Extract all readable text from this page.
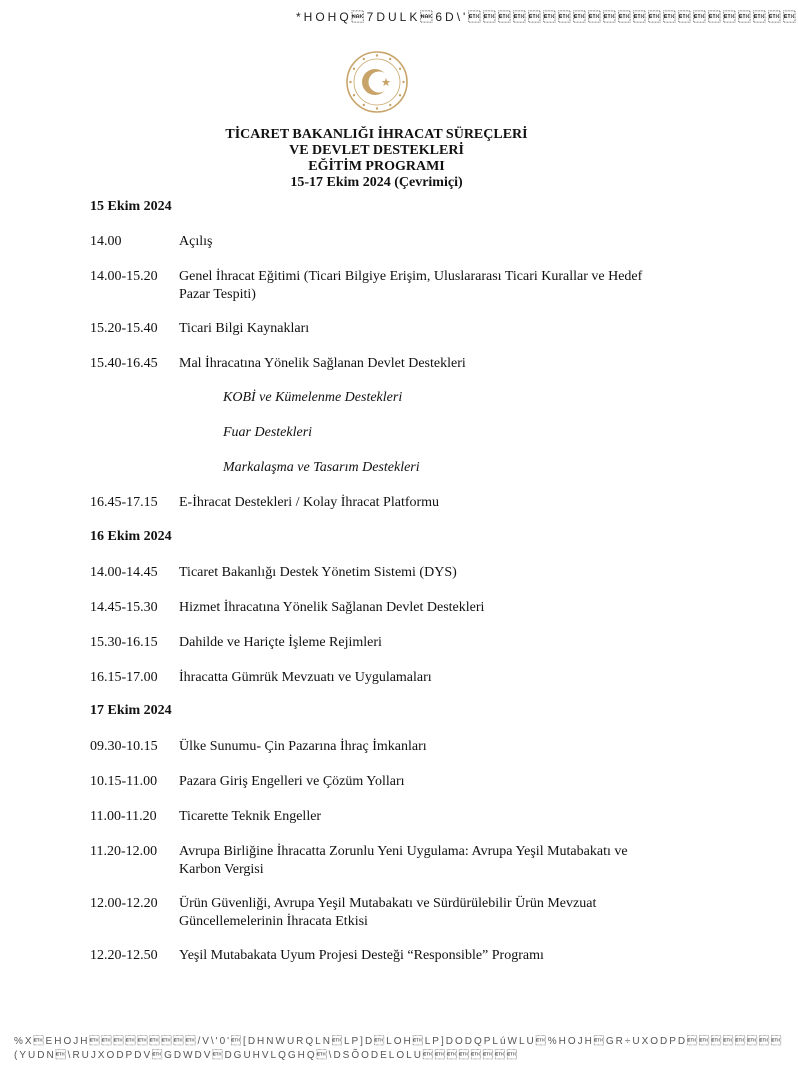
*HOHQ7DULK6D\'
TİCARET BAKANLIĞI İHRACAT SÜREÇLERİ
VE DEVLET DESTEKLERİ
EĞİTİM PROGRAMI
15-17 Ekim 2024 (Çevrimiçi)
15 Ekim 2024
14.00	Açılış
14.00-15.20	Genel İhracat Eğitimi (Ticari Bilgiye Erişim, Uluslararası Ticari Kurallar ve Hedef Pazar Tespiti)
15.20-15.40	Ticari Bilgi Kaynakları
15.40-16.45	Mal İhracatına Yönelik Sağlanan Devlet Destekleri
KOBİ ve Kümelenme Destekleri
Fuar Destekleri
Markalaşma ve Tasarım Destekleri
16.45-17.15	E-İhracat Destekleri / Kolay İhracat Platformu
16 Ekim 2024
14.00-14.45	Ticaret Bakanlığı Destek Yönetim Sistemi (DYS)
14.45-15.30	Hizmet İhracatına Yönelik Sağlanan Devlet Destekleri
15.30-16.15	Dahilde ve Hariçte İşleme Rejimleri
16.15-17.00	İhracatta Gümrük Mevzuatı ve Uygulamaları
17 Ekim 2024
09.30-10.15	Ülke Sunumu- Çin Pazarına İhraç İmkanları
10.15-11.00	Pazara Giriş Engelleri ve Çözüm Yolları
11.00-11.20	Ticarette Teknik Engeller
11.20-12.00	Avrupa Birliğine İhracatta Zorunlu Yeni Uygulama: Avrupa Yeşil Mutabakatı ve Karbon Vergisi
12.00-12.20	Ürün Güvenliği, Avrupa Yeşil Mutabakatı ve Sürdürülebilir Ürün Mevzuat Güncellemelerinin İhracata Etkisi
12.20-12.50	Yeşil Mutabakata Uyum Projesi Desteği “Responsible” Programı
%XEHOJH/V\'0'[DHNWURQLNLP]DLOHLP]DODQPLúWLU%HOJHGR÷UXODPD
(YUDN\RUJXODPDVGDWDVDGUHVLQGHQ\DSÕODELOLU
